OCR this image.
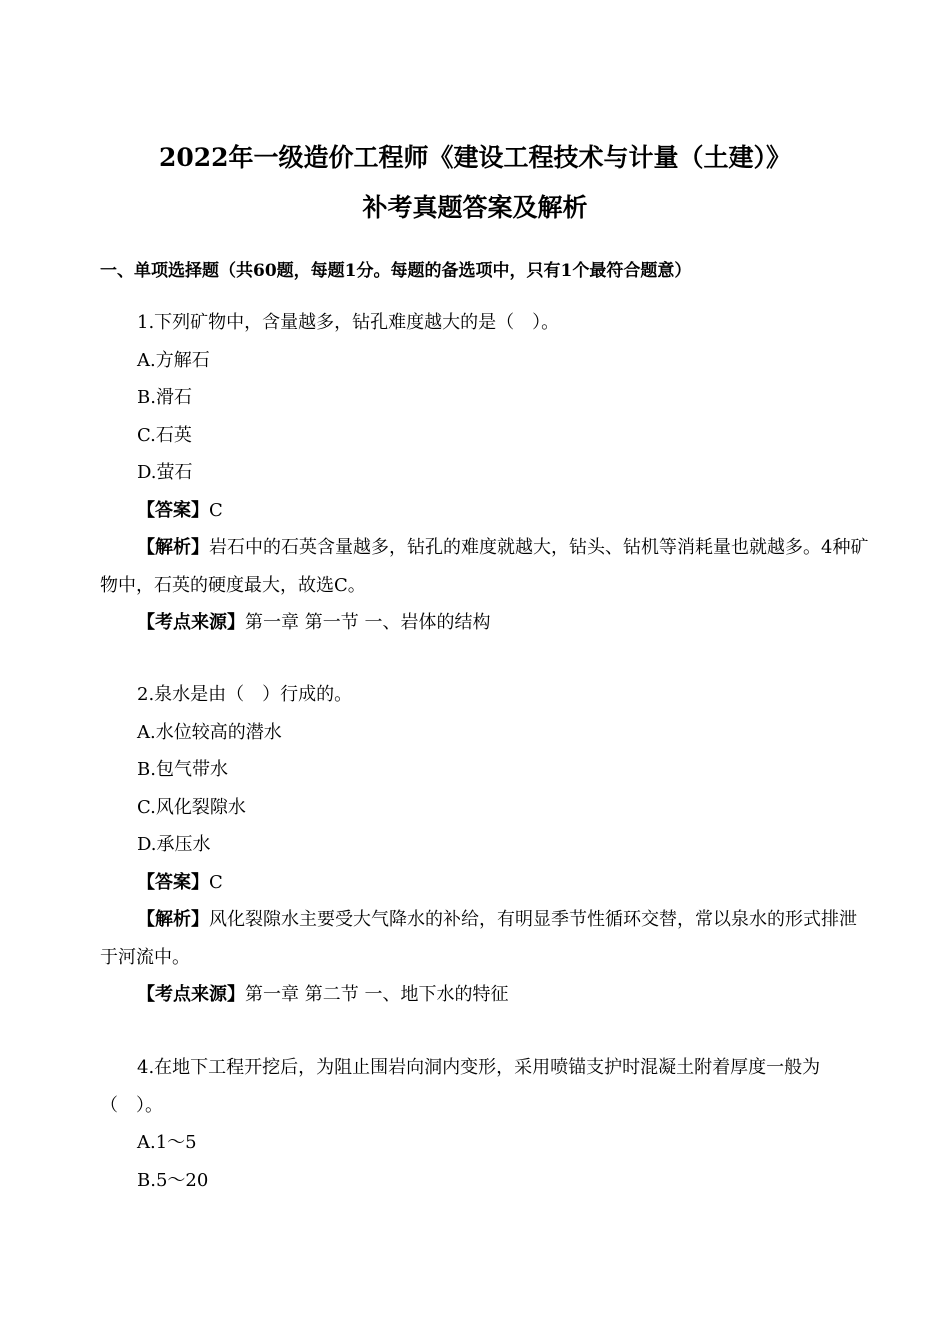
2022年一级造价工程师《建设工程技术与计量（土建）》
补考真题答案及解析
一、单项选择题（共60题，每题1分。每题的备选项中，只有1个最符合题意）

1.下列矿物中，含量越多，钻孔难度越大的是（　）。

A.方解石

B.滑石

C.石英

D.萤石

【答案】C

【解析】岩石中的石英含量越多，钻孔的难度就越大，钻头、钻机等消耗量也就越多。4种矿物中，石英的硬度最大，故选C。

【考点来源】第一章 第一节 一、岩体的结构

2.泉水是由（　）行成的。

A.水位较高的潜水

B.包气带水

C.风化裂隙水

D.承压水

【答案】C

【解析】风化裂隙水主要受大气降水的补给，有明显季节性循环交替，常以泉水的形式排泄于河流中。

【考点来源】第一章 第二节 一、地下水的特征

4.在地下工程开挖后，为阻止围岩向洞内变形，采用喷锚支护时混凝土附着厚度一般为（　）。

A.1～5

B.5～20
